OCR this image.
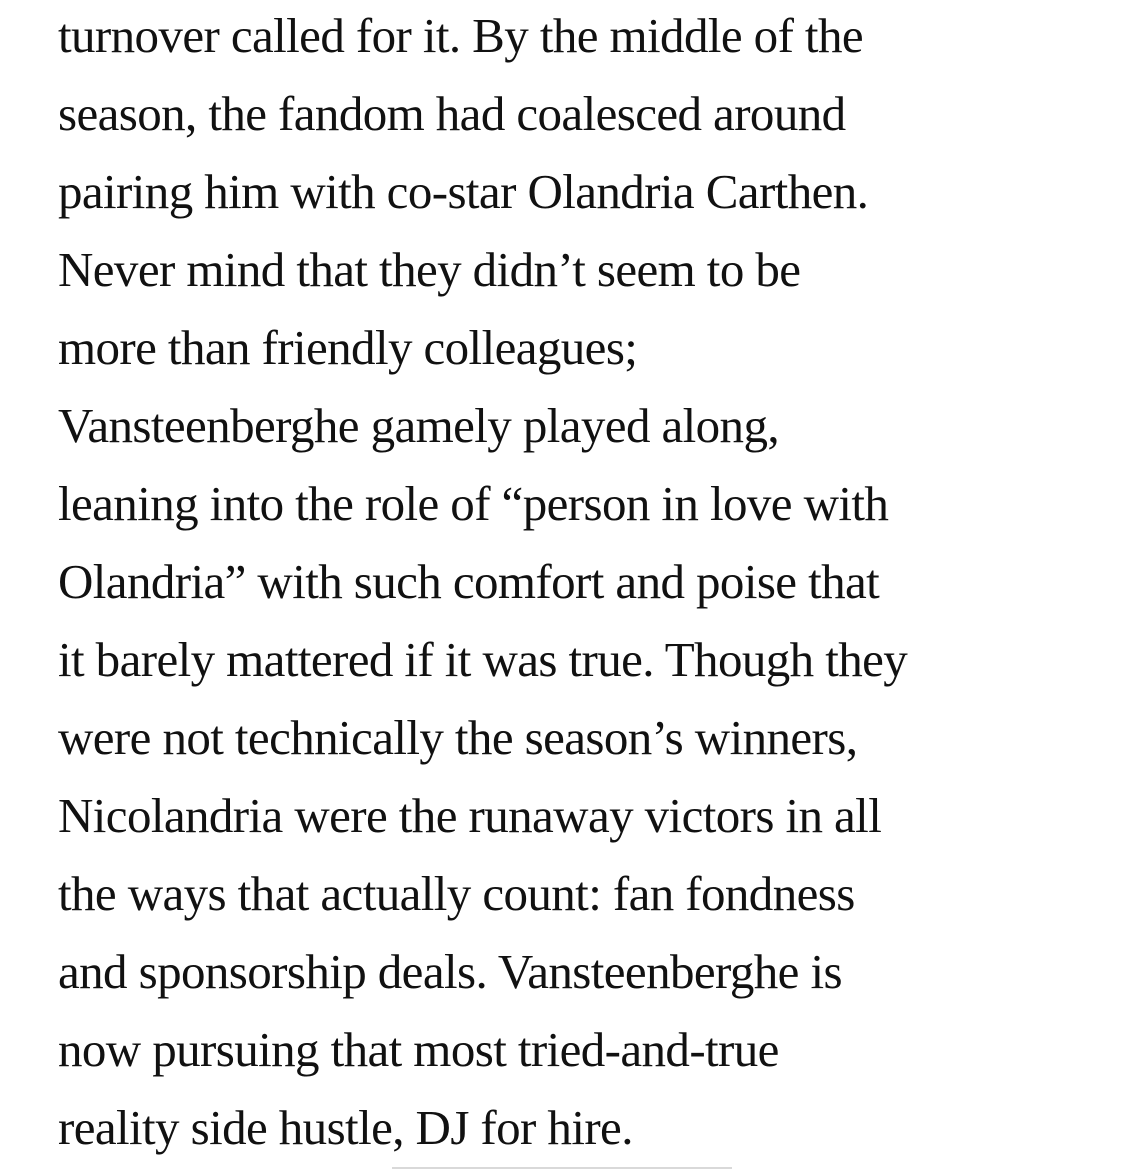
turnover called for it. By the middle of the
season, the fandom had coalesced around
pairing him with co-star Olandria Carthen.
Never mind that they didn’t seem to be
more than friendly colleagues;
Vansteenberghe gamely played along,
leaning into the role of “person in love with
Olandria” with such comfort and poise that
it barely mattered if it was true. Though they
were not technically the season’s winners,
Nicolandria were the runaway victors in all
the ways that actually count: fan fondness
and sponsorship deals. Vansteenberghe is
now pursuing that most tried-and-true
reality side hustle, DJ for hire.
